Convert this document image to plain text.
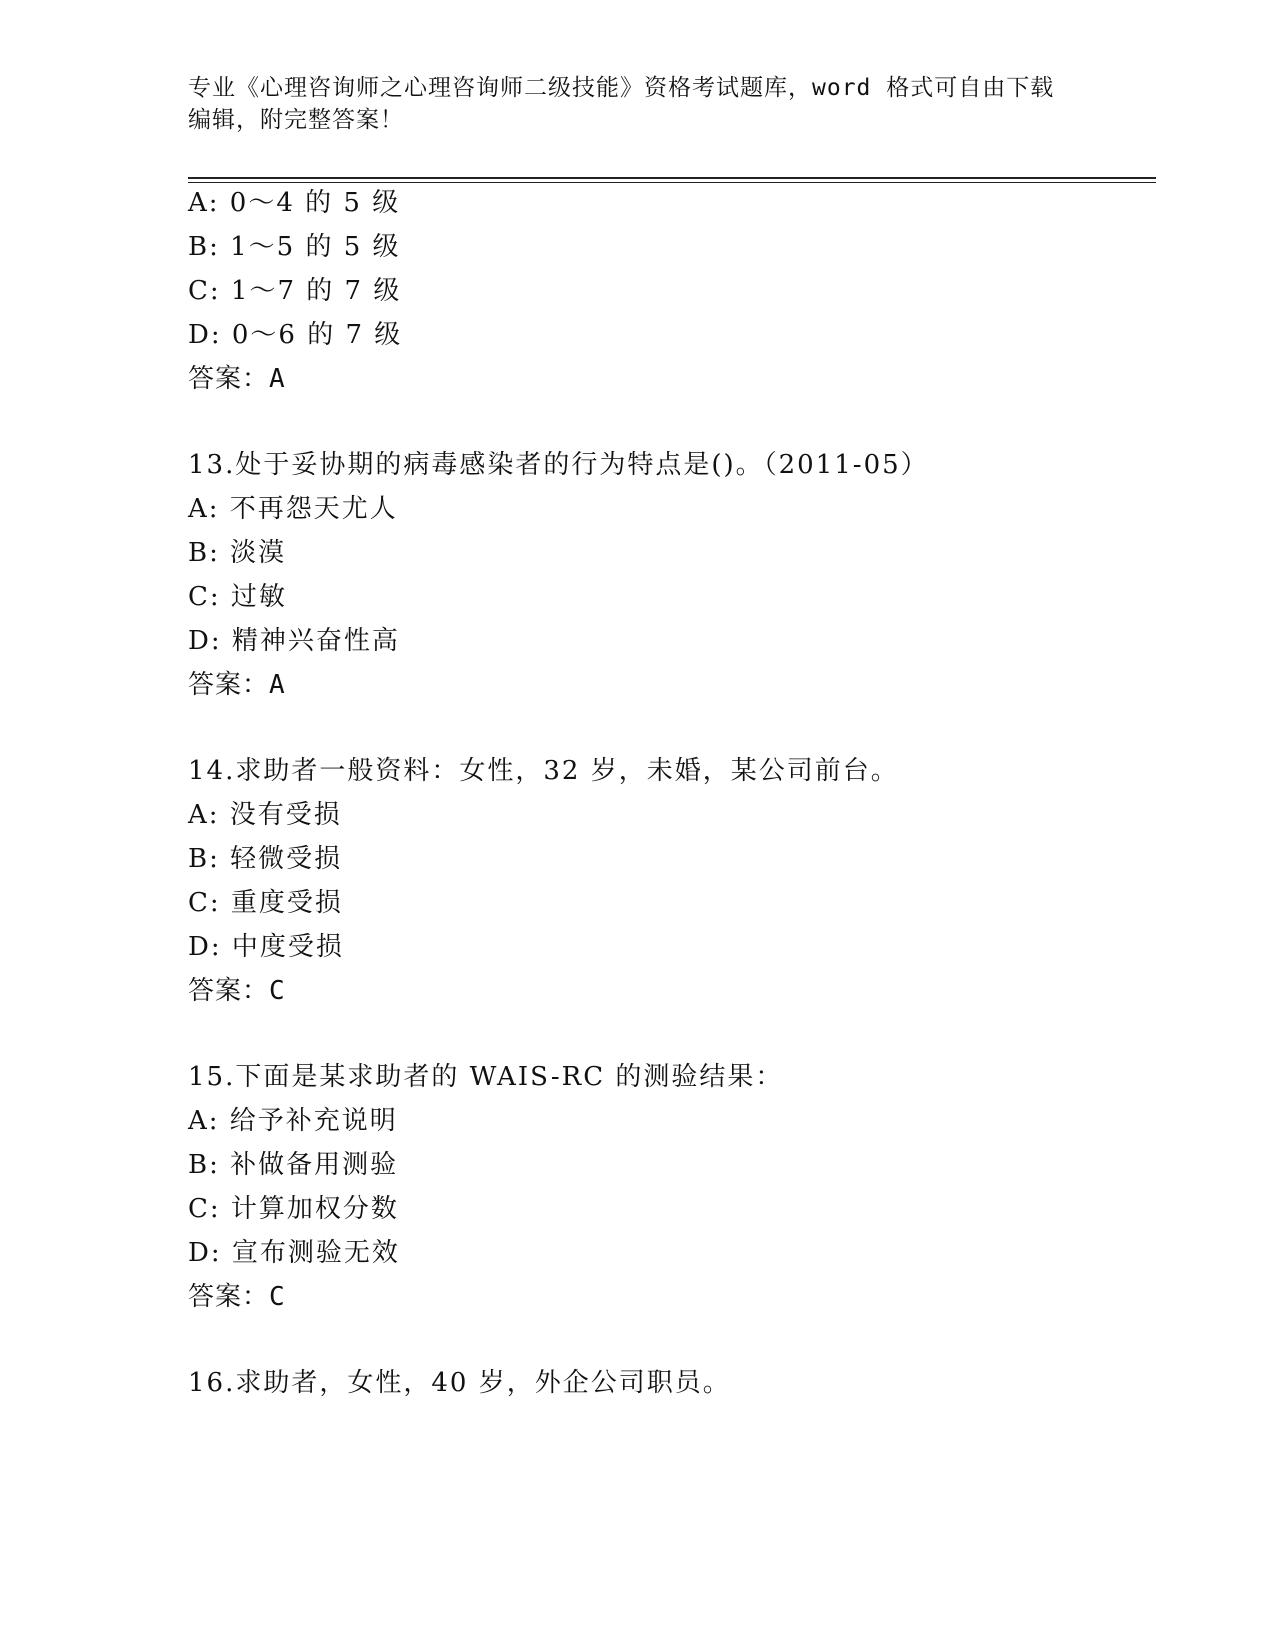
专业《心理咨询师之心理咨询师二级技能》资格考试题库，word 格式可自由下载
编辑，附完整答案！
A: 0～4 的 5 级
B: 1～5 的 5 级
C: 1～7 的 7 级
D: 0～6 的 7 级
答案：A
13.处于妥协期的病毒感染者的行为特点是()。（2011-05）
A: 不再怨天尤人
B: 淡漠
C: 过敏
D: 精神兴奋性高
答案：A
14.求助者一般资料：女性，32 岁，未婚，某公司前台。
A: 没有受损
B: 轻微受损
C: 重度受损
D: 中度受损
答案：C
15.下面是某求助者的 WAIS-RC 的测验结果：
A: 给予补充说明
B: 补做备用测验
C: 计算加权分数
D: 宣布测验无效
答案：C
16.求助者，女性，40 岁，外企公司职员。
